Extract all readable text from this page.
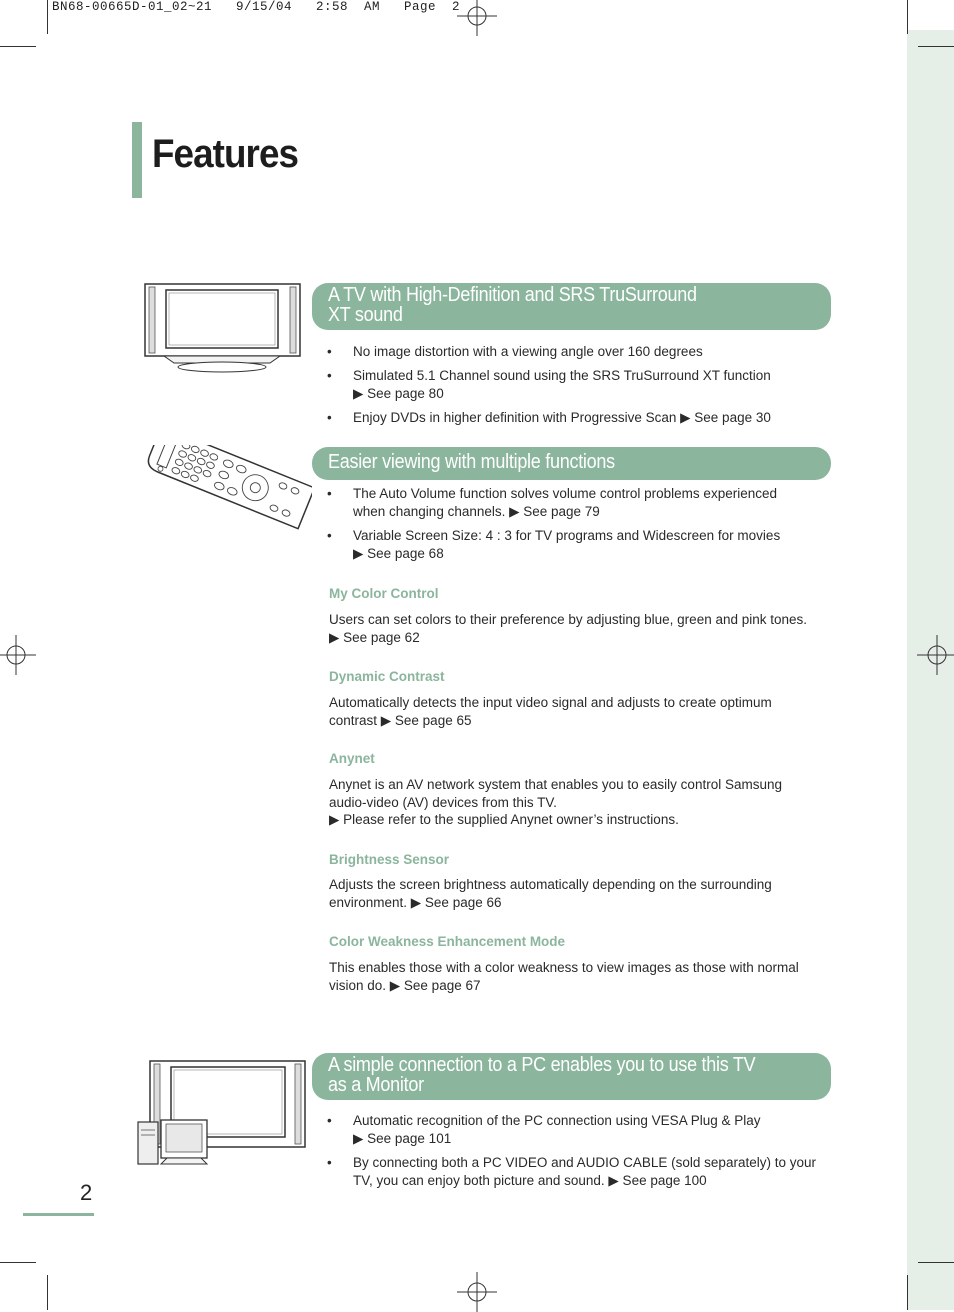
BN68-00665D-01_02~21   9/15/04   2:58  AM   Page  2
Features
A TV with High-Definition and SRS TruSurround
XT sound
• No image distortion with a viewing angle over 160 degrees
• Simulated 5.1 Channel sound using the SRS TruSurround XT function
▶ See page 80
• Enjoy DVDs in higher definition with Progressive Scan ▶ See page 30
Easier viewing with multiple functions
• The Auto Volume function solves volume control problems experienced
when changing channels. ▶ See page 79
• Variable Screen Size: 4 : 3 for TV programs and Widescreen for movies
▶ See page 68
My Color Control
Users can set colors to their preference by adjusting blue, green and pink tones.
▶ See page 62
Dynamic Contrast
Automatically detects the input video signal and adjusts to create optimum
contrast ▶ See page 65
Anynet
Anynet is an AV network system that enables you to easily control Samsung
audio-video (AV) devices from this TV.
▶ Please refer to the supplied Anynet owner’s instructions.
Brightness Sensor
Adjusts the screen brightness automatically depending on the surrounding
environment. ▶ See page 66
Color Weakness Enhancement Mode
This enables those with a color weakness to view images as those with normal
vision do. ▶ See page 67
A simple connection to a PC enables you to use this TV
as a Monitor
• Automatic recognition of the PC connection using VESA Plug & Play
▶ See page 101
• By connecting both a PC VIDEO and AUDIO CABLE (sold separately) to your
TV, you can enjoy both picture and sound. ▶ See page 100
2
